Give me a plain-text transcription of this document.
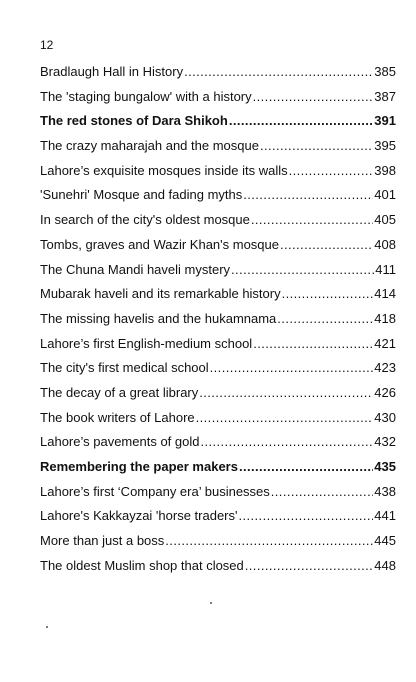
12
Bradlaugh Hall in History .....	385
The 'staging bungalow' with a history .....	387
The red stones of Dara Shikoh .....	391
The crazy maharajah and the mosque .....	395
Lahore’s exquisite mosques inside its walls .....	398
'Sunehri' Mosque and fading myths .....	401
In search of the city's oldest mosque .....	405
Tombs, graves and Wazir Khan's mosque .....	408
The Chuna Mandi haveli mystery .....	411
Mubarak haveli and its remarkable history .....	414
The missing havelis and the hukamnama .....	418
Lahore’s first English-medium school .....	421
The city's first medical school .....	423
The decay of a great library .....	426
The book writers of Lahore .....	430
Lahore’s pavements of gold .....	432
Remembering the paper makers .....	435
Lahore’s first ‘Company era’ businesses .....	438
Lahore's Kakkayzai 'horse traders' .....	441
More than just a boss .....	445
The oldest Muslim shop that closed .....	448
